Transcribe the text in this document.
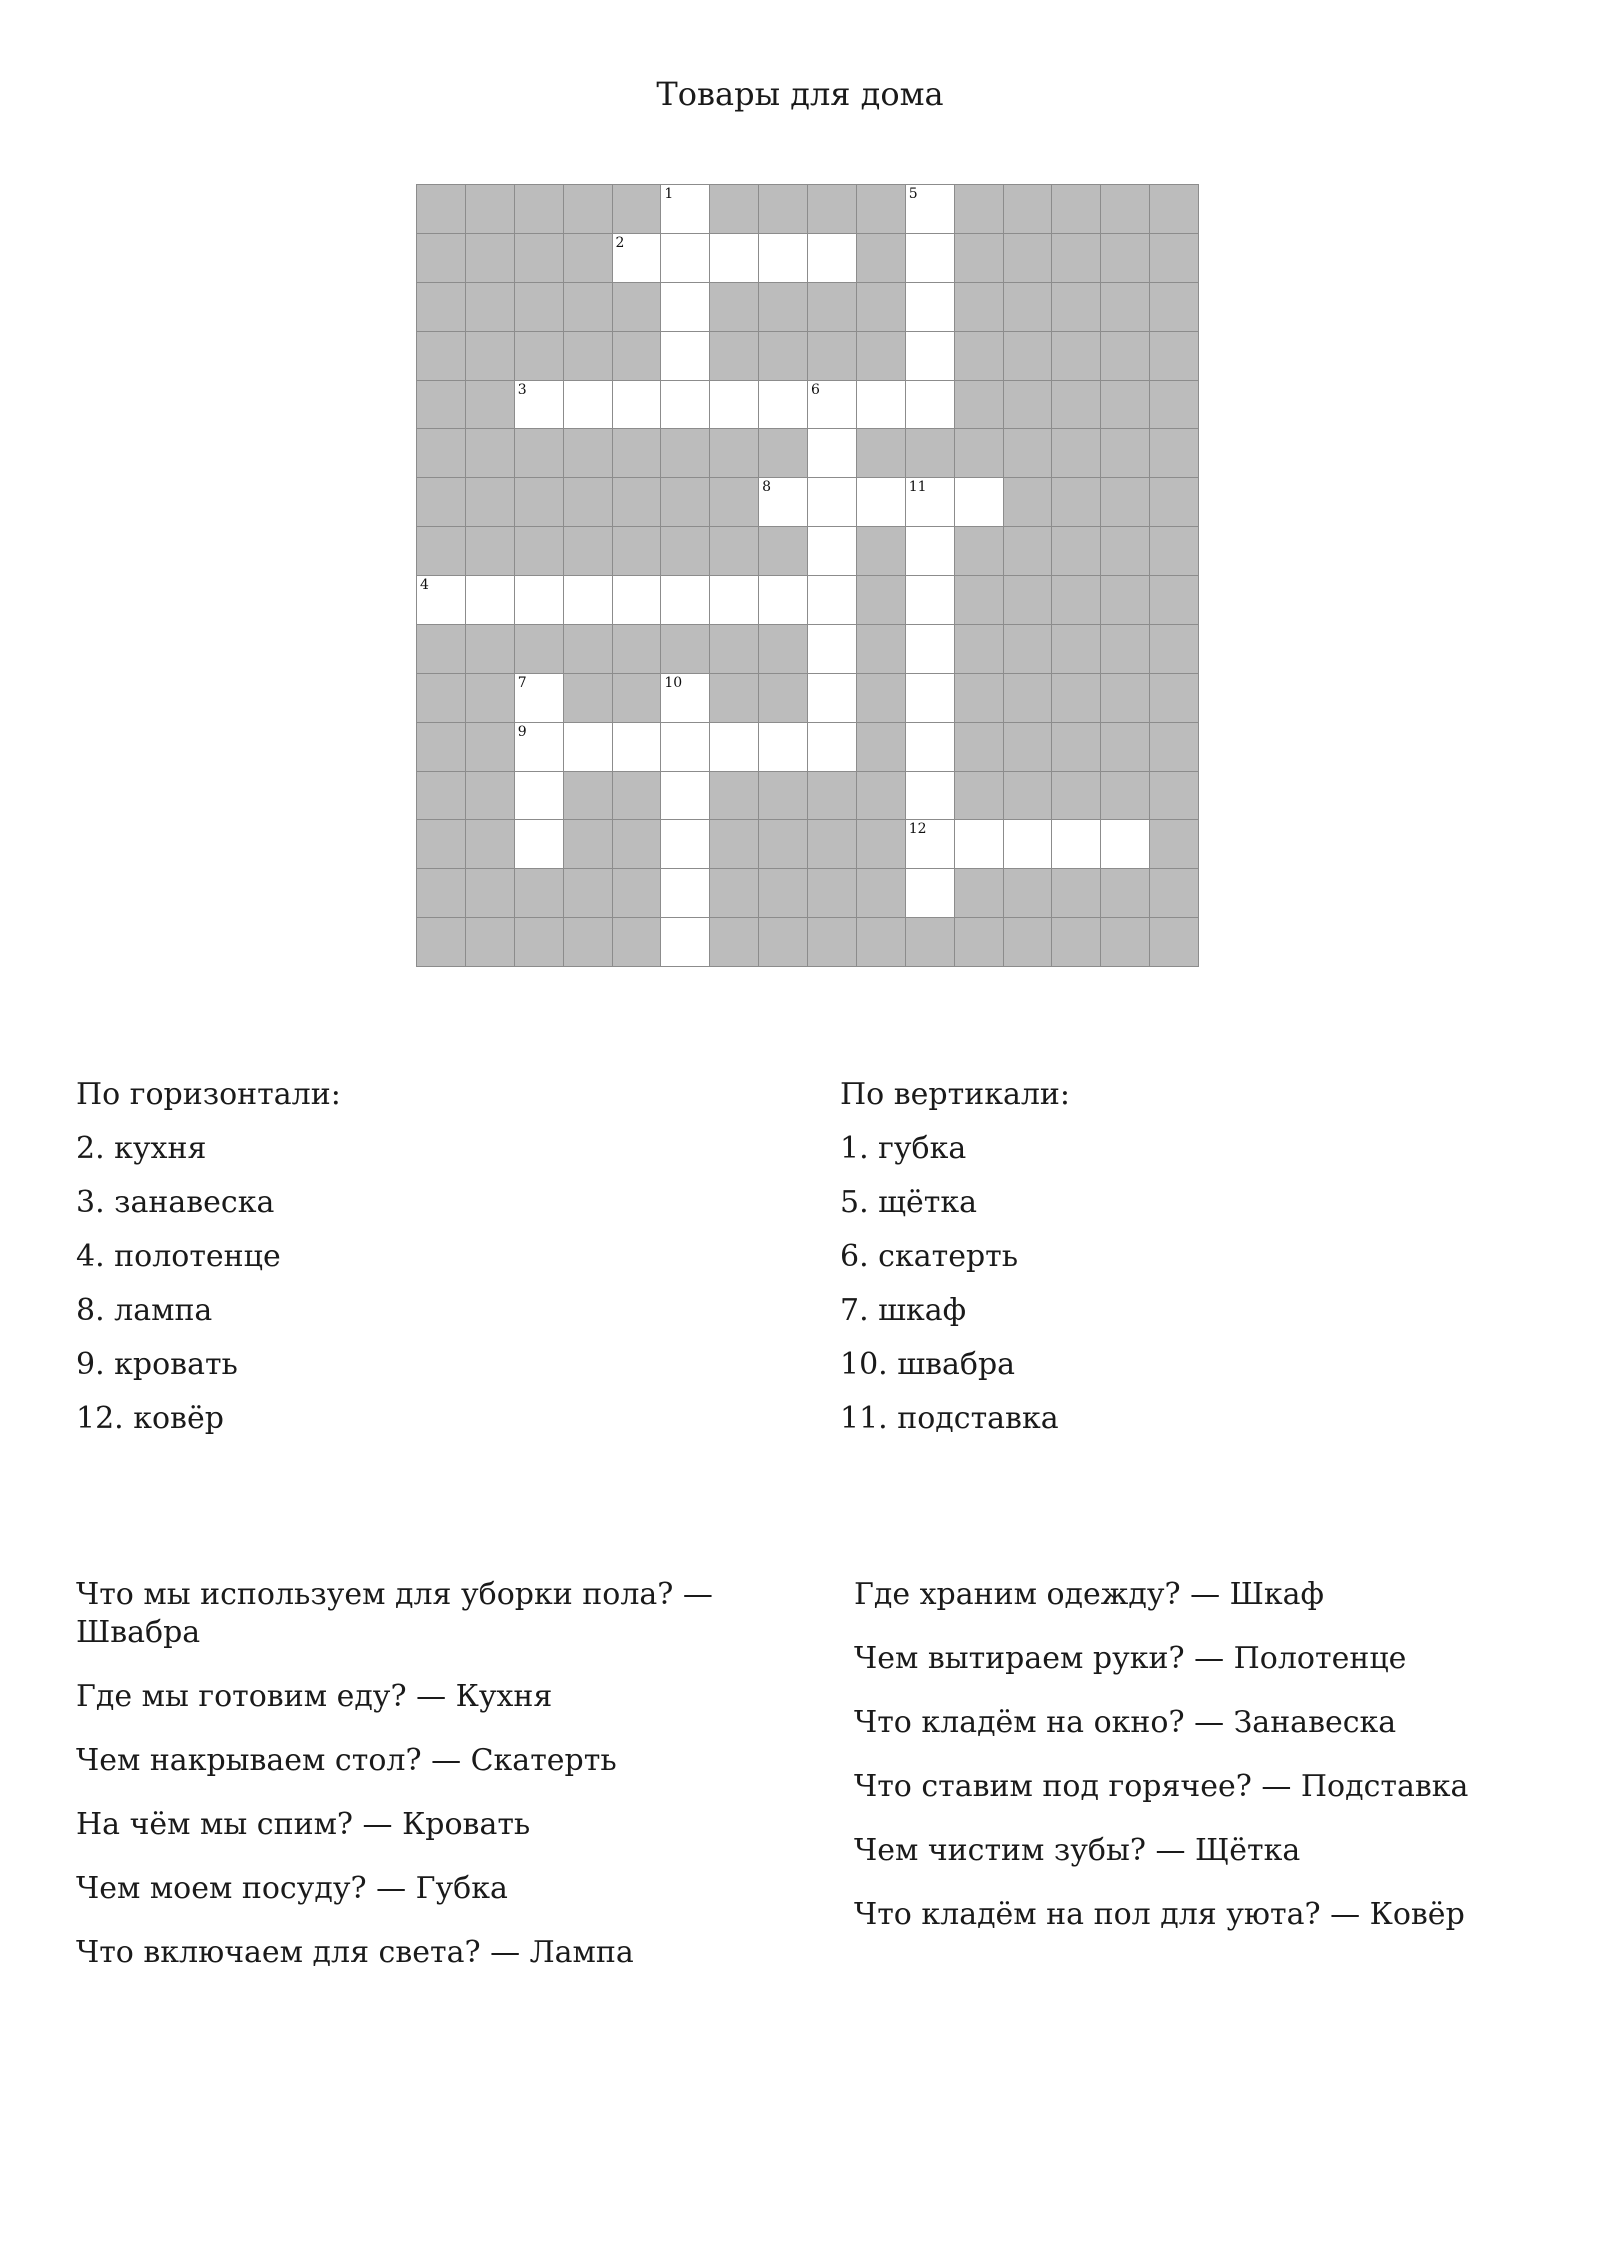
Товары для дома
1	5
2
3	6
8	11
4
7	10
9
12
По горизонтали:
2. кухня
3. занавеска
4. полотенце
8. лампа
9. кровать
12. ковёр
По вертикали:
1. губка
5. щётка
6. скатерть
7. шкаф
10. швабра
11. подставка
Что мы используем для уборки пола? — Швабра
Где мы готовим еду? — Кухня
Чем накрываем стол? — Скатерть
На чём мы спим? — Кровать
Чем моем посуду? — Губка
Что включаем для света? — Лампа
Где храним одежду? — Шкаф
Чем вытираем руки? — Полотенце
Что кладём на окно? — Занавеска
Что ставим под горячее? — Подставка
Чем чистим зубы? — Щётка
Что кладём на пол для уюта? — Ковёр
